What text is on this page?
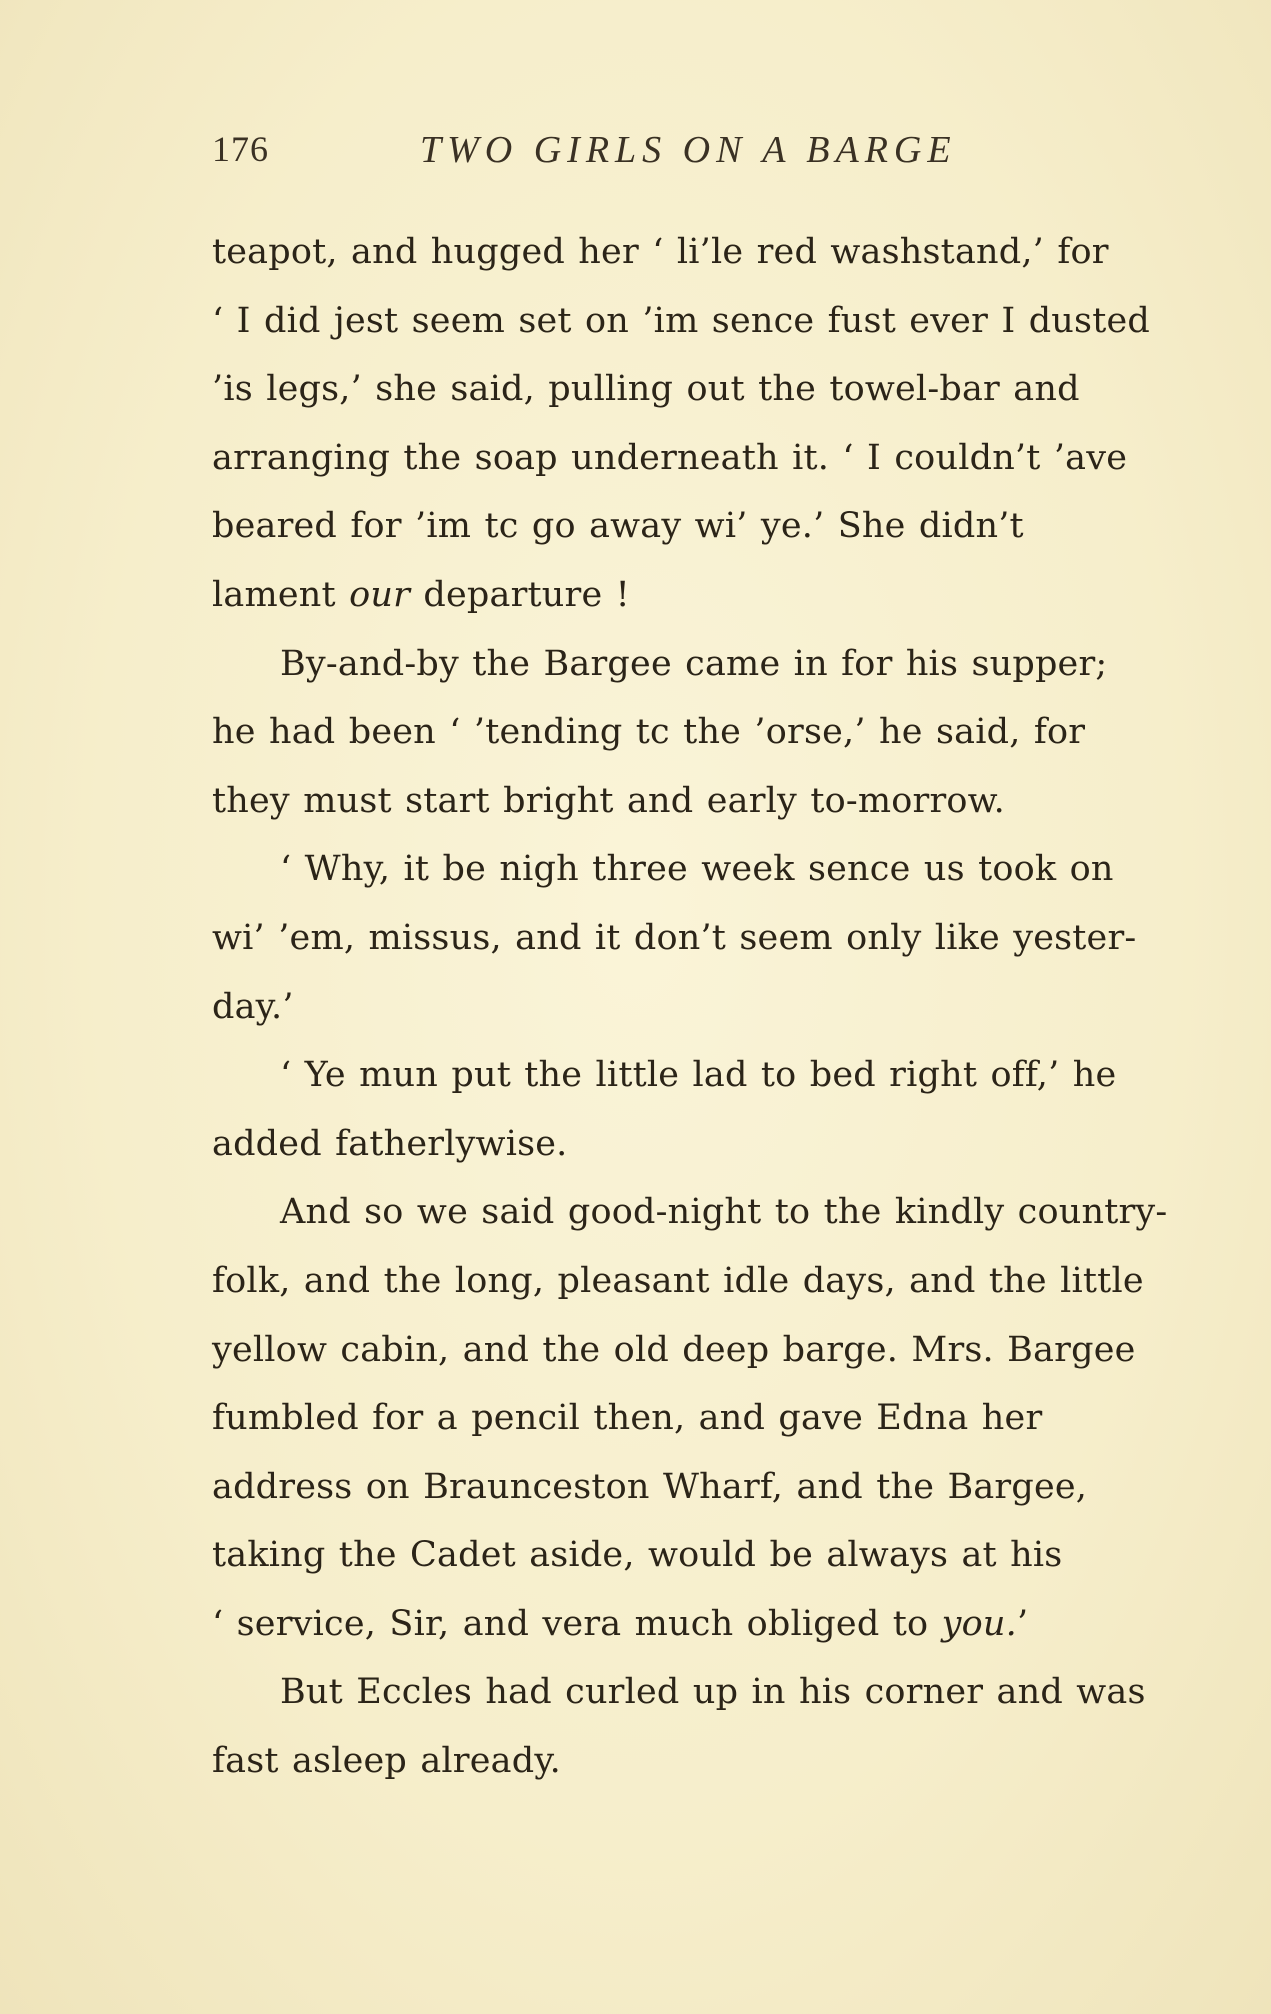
176	TWO GIRLS ON A BARGE
teapot, and hugged her ‘ li’le red washstand,’ for
‘ I did jest seem set on ’im sence fust ever I dusted
’is legs,’ she said, pulling out the towel-bar and
arranging the soap underneath it. ‘ I couldn’t ’ave
beared for ’im tc go away wi’ ye.’ She didn’t
lament our departure !
By-and-by the Bargee came in for his supper;
he had been ‘ ’tending tc the ’orse,’ he said, for
they must start bright and early to-morrow.
‘ Why, it be nigh three week sence us took on
wi’ ’em, missus, and it don’t seem only like yester-
day.’
‘ Ye mun put the little lad to bed right off,’ he
added fatherlywise.
And so we said good-night to the kindly country-
folk, and the long, pleasant idle days, and the little
yellow cabin, and the old deep barge. Mrs. Bargee
fumbled for a pencil then, and gave Edna her
address on Braunceston Wharf, and the Bargee,
taking the Cadet aside, would be always at his
‘ service, Sir, and vera much obliged to you.’
But Eccles had curled up in his corner and was
fast asleep already.
